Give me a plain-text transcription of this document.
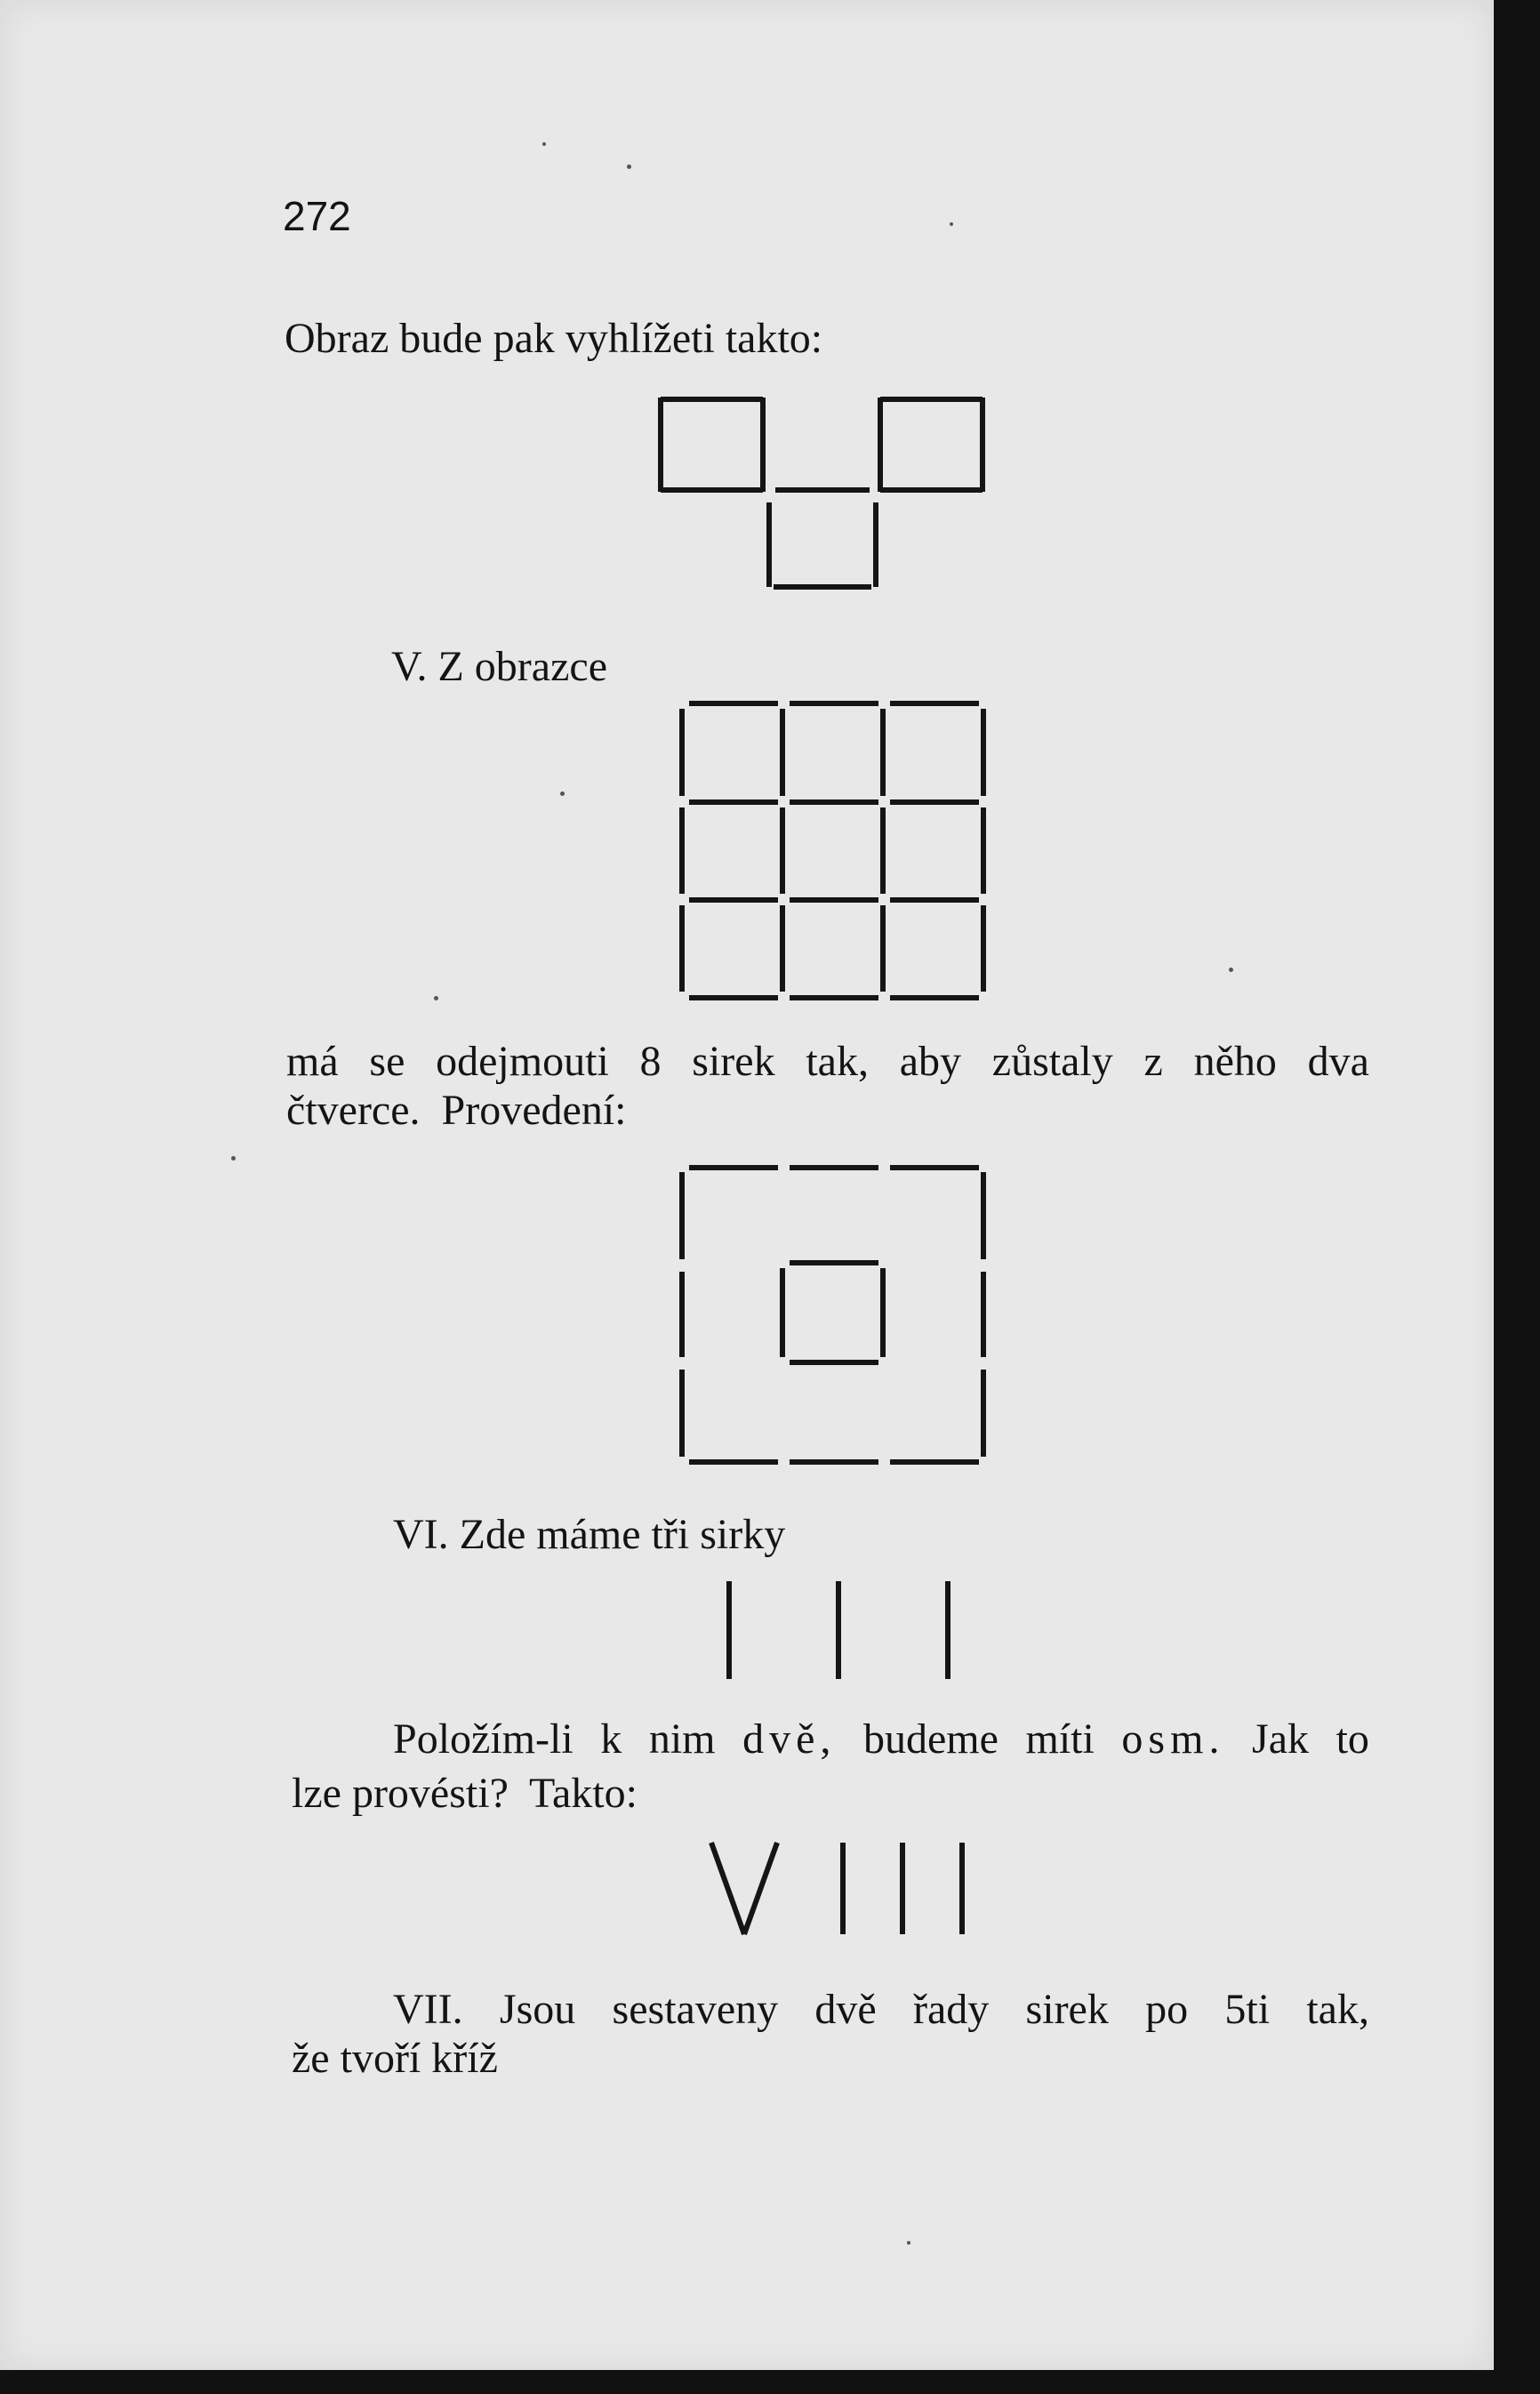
272
Obraz bude pak vyhlížeti takto:
V. Z obrazce
má se odejmouti 8 sirek tak, aby zůstaly z něho dva
čtverce.  Provedení:
VI. Zde máme tři sirky
Položím-li k nim dvě, budeme míti osm. Jak to
lze provésti?  Takto:
VII. Jsou sestaveny dvě řady sirek po 5ti tak,
že tvoří kříž
